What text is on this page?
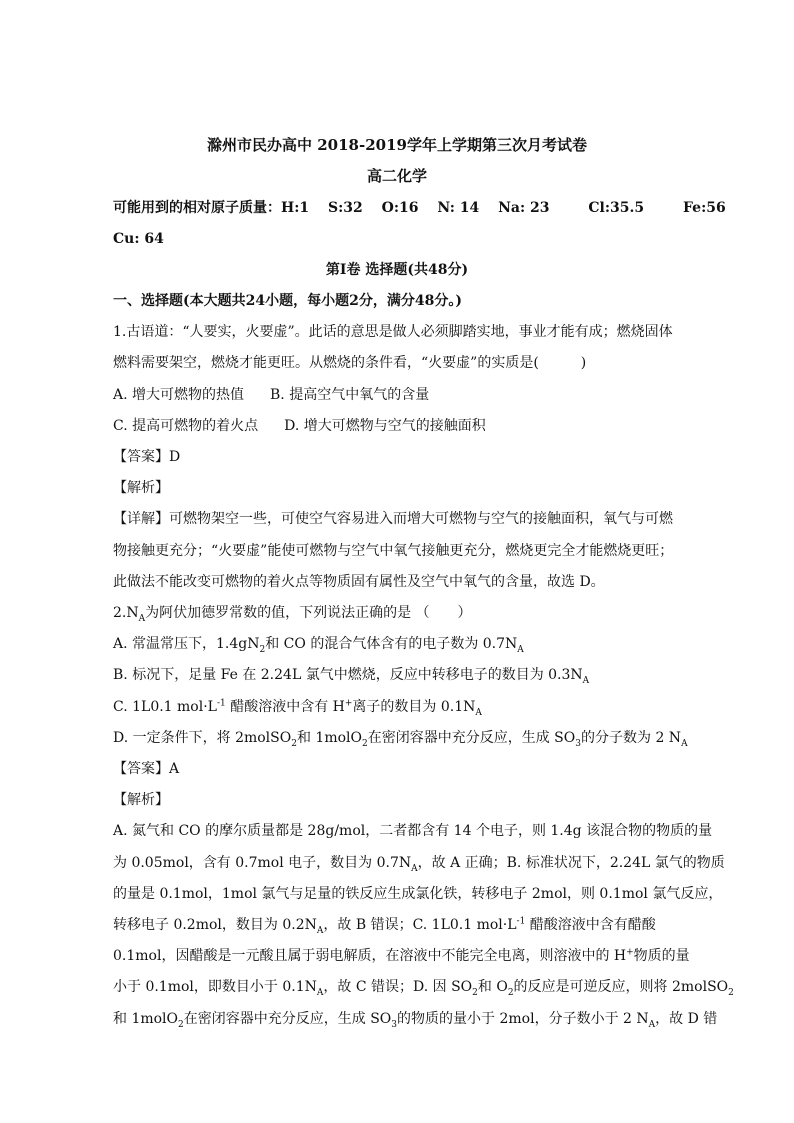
滁州市民办高中 2018-2019学年上学期第三次月考试卷
高二化学
可能用到的相对原子质量：H:1 S:32 O:16 N: 14 Na: 23	Cl:35.5	Fe:56
Cu: 64
第Ⅰ卷 选择题(共48分)
一、选择题(本大题共24小题，每小题2分，满分48分。)
1.古语道：“人要实，火要虚”。此话的意思是做人必须脚踏实地，事业才能有成；燃烧固体
燃料需要架空，燃烧才能更旺。从燃烧的条件看，“火要虚”的实质是(　　　)
A. 增大可燃物的热值 B. 提高空气中氧气的含量
C. 提高可燃物的着火点 D. 增大可燃物与空气的接触面积
【答案】D
【解析】
【详解】可燃物架空一些，可使空气容易进入而增大可燃物与空气的接触面积，氧气与可燃
物接触更充分；“火要虚”能使可燃物与空气中氧气接触更充分，燃烧更完全才能燃烧更旺；
此做法不能改变可燃物的着火点等物质固有属性及空气中氧气的含量，故选 D。
$2.N_A$为阿伏加德罗常数的值，下列说法正确的是 （　　）
A. 常温常压下，$1.4gN_2$和 CO 的混合气体含有的电子数为 $0.7N_A$
B. 标况下，足量 Fe 在 2.24L 氯气中燃烧，反应中转移电子的数目为 $0.3N_A$
C. 1L0.1 $mol\cdot L^{-1}$ 醋酸溶液中含有 H+离子的数目为 $0.1N_A$
D. 一定条件下，将 2molSO$_2$和 1molO$_2$在密闭容器中充分反应，生成 $SO_3$的分子数为 2 $N_A$
【答案】A
【解析】
A. 氮气和 CO 的摩尔质量都是 28g/mol，二者都含有 14 个电子，则 1.4g 该混合物的物质的量
为 0.05mol，含有 0.7mol 电子，数目为 $0.7N_A$，故 A 正确；B. 标准状况下，2.24L 氯气的物质
的量是 0.1mol，1mol 氯气与足量的铁反应生成氯化铁，转移电子 2mol，则 0.1mol 氯气反应，
转移电子 0.2mol，数目为 $0.2N_A$，故 B 错误；C. 1L0.1 $mol\cdot L^{-1}$ 醋酸溶液中含有醋酸
0.1mol，因醋酸是一元酸且属于弱电解质，在溶液中不能完全电离，则溶液中的 H+物质的量
小于 0.1mol，即数目小于 $0.1N_A$，故 C 错误；D. 因 $SO_2$和 $O_2$的反应是可逆反应，则将 2molSO$_2$
和 1molO$_2$在密闭容器中充分反应，生成 $SO_3$的物质的量小于 2mol，分子数小于 2 $N_A$，故 D 错
